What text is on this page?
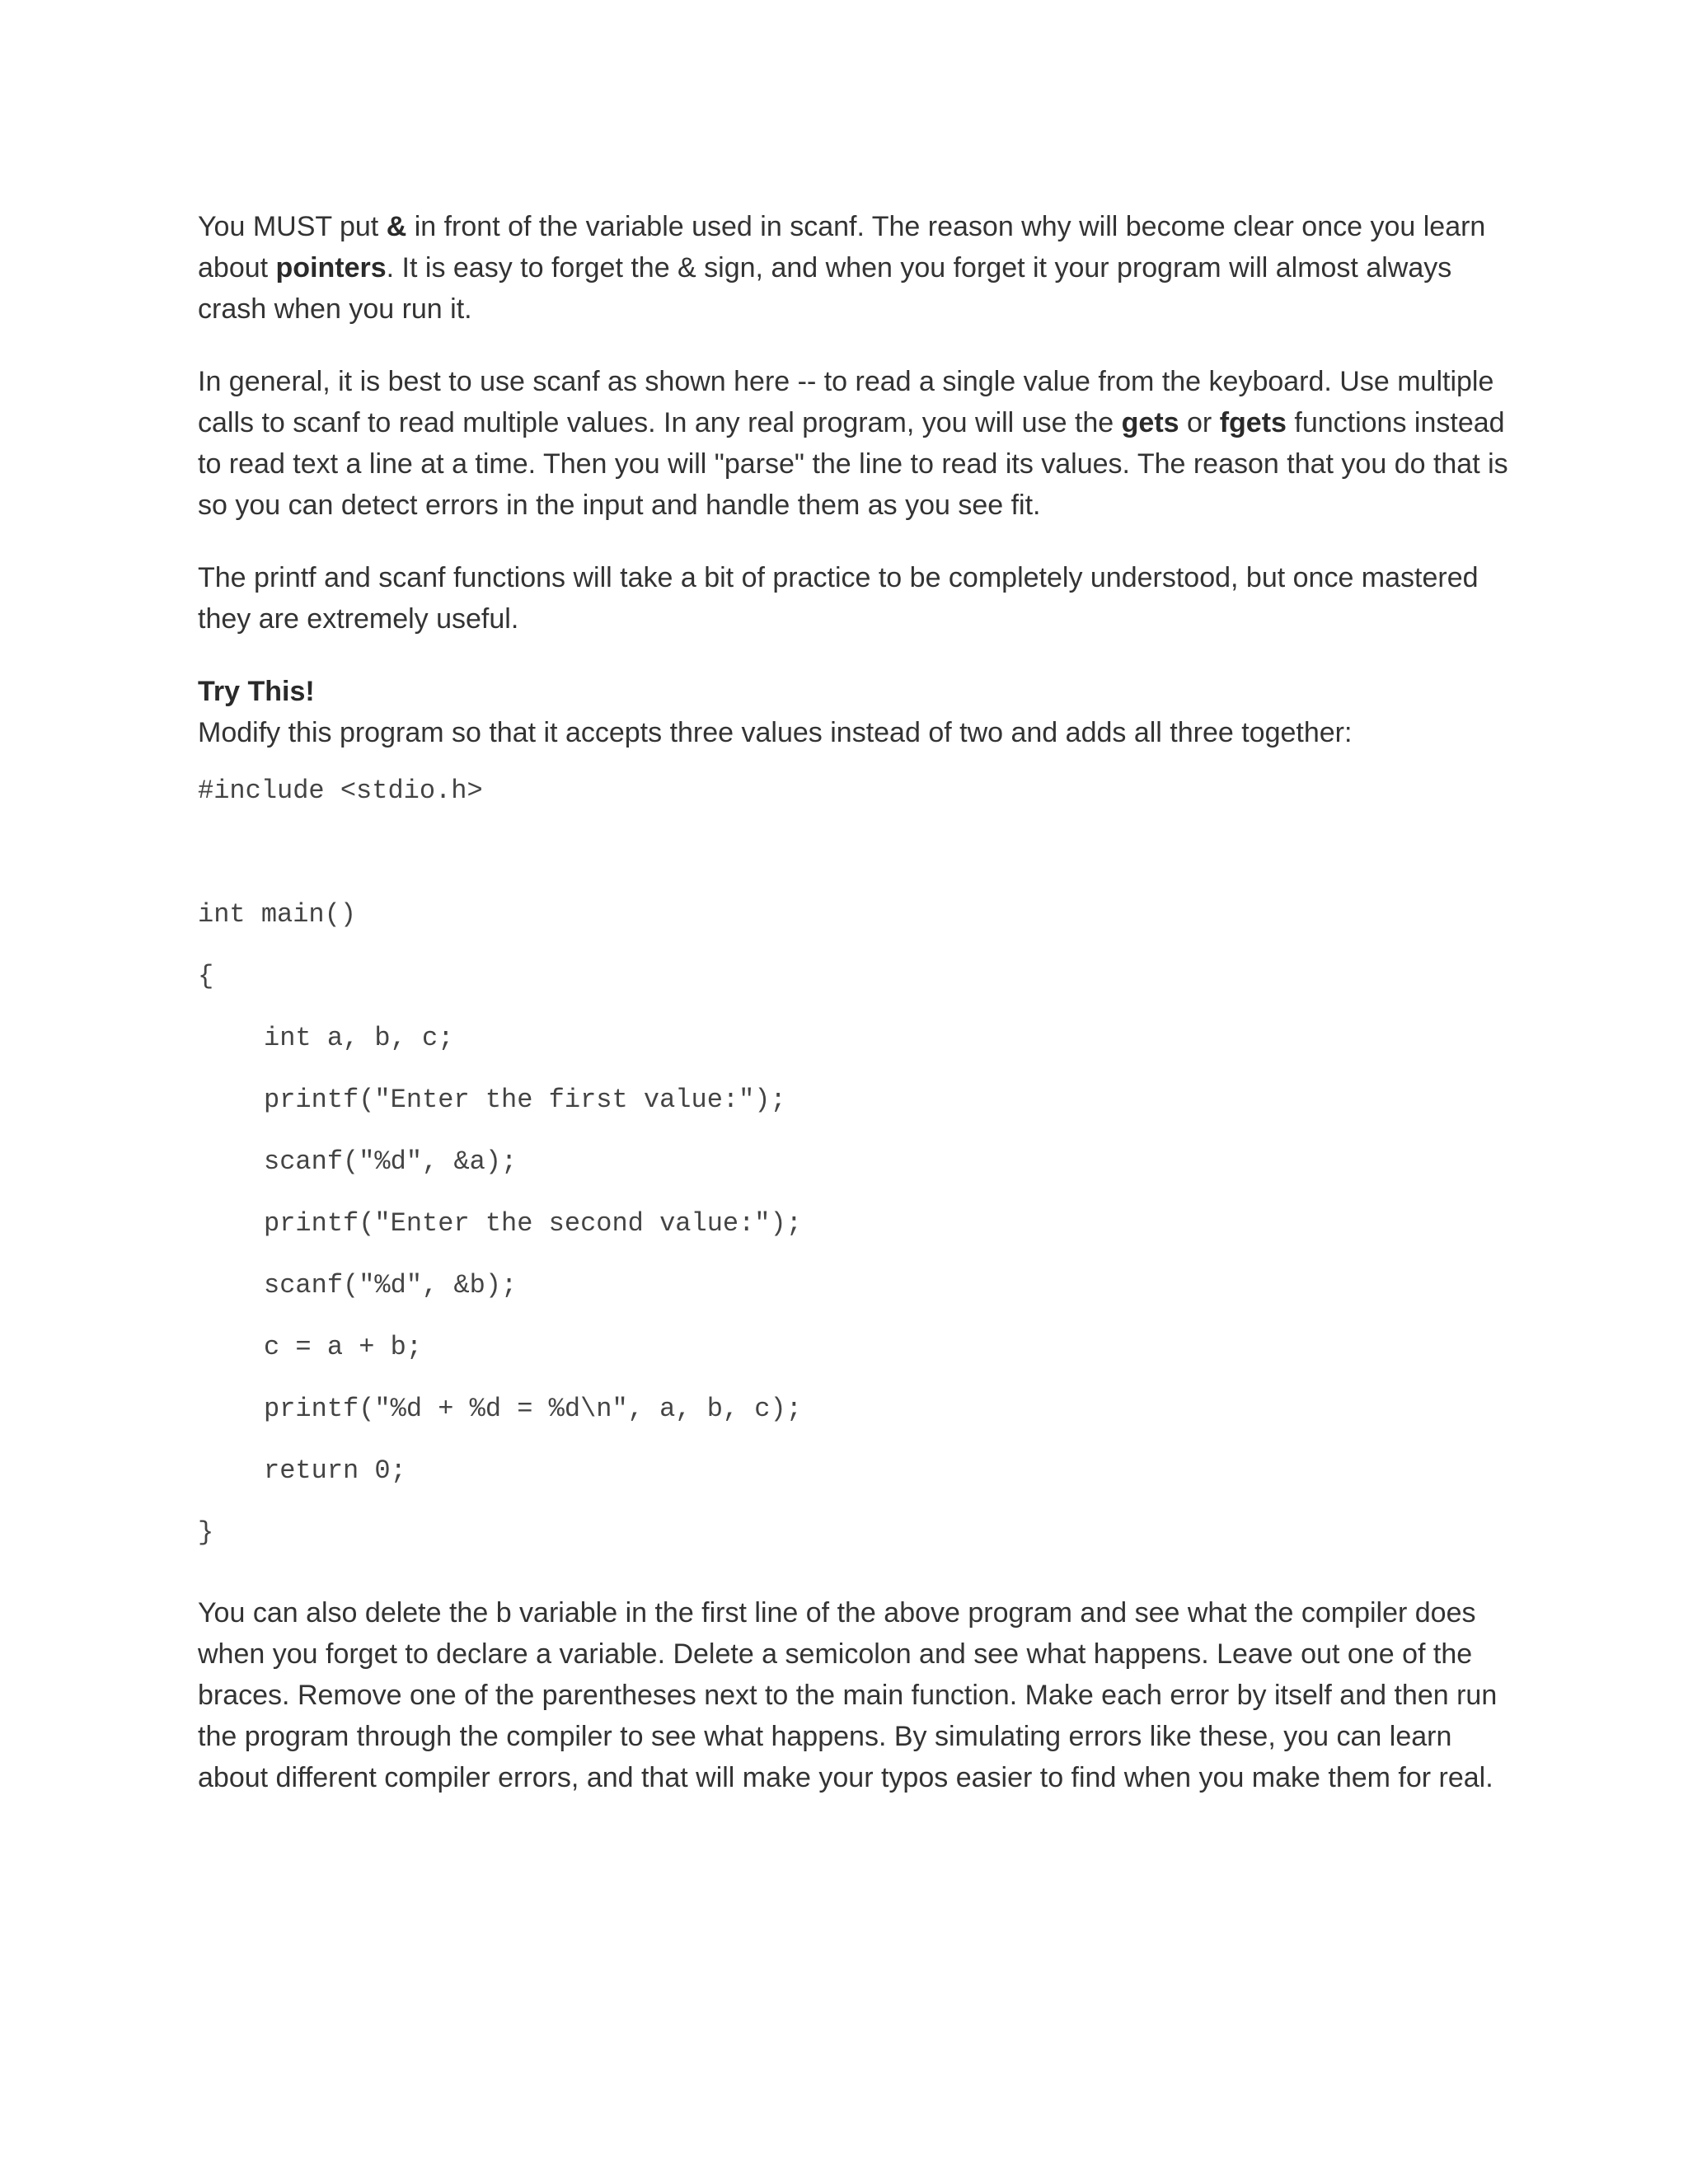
You MUST put & in front of the variable used in scanf. The reason why will become clear once you learn about pointers. It is easy to forget the & sign, and when you forget it your program will almost always crash when you run it.

In general, it is best to use scanf as shown here -- to read a single value from the keyboard. Use multiple calls to scanf to read multiple values. In any real program, you will use the gets or fgets functions instead to read text a line at a time. Then you will "parse" the line to read its values. The reason that you do that is so you can detect errors in the input and handle them as you see fit.

The printf and scanf functions will take a bit of practice to be completely understood, but once mastered they are extremely useful.

Try This!

Modify this program so that it accepts three values instead of two and adds all three together:

#include <stdio.h>
int main()
{
int a, b, c;
printf("Enter the first value:");
scanf("%d", &a);
printf("Enter the second value:");
scanf("%d", &b);
c = a + b;
printf("%d + %d = %d\n", a, b, c);
return 0;
}

You can also delete the b variable in the first line of the above program and see what the compiler does when you forget to declare a variable. Delete a semicolon and see what happens. Leave out one of the braces. Remove one of the parentheses next to the main function. Make each error by itself and then run the program through the compiler to see what happens. By simulating errors like these, you can learn about different compiler errors, and that will make your typos easier to find when you make them for real.
